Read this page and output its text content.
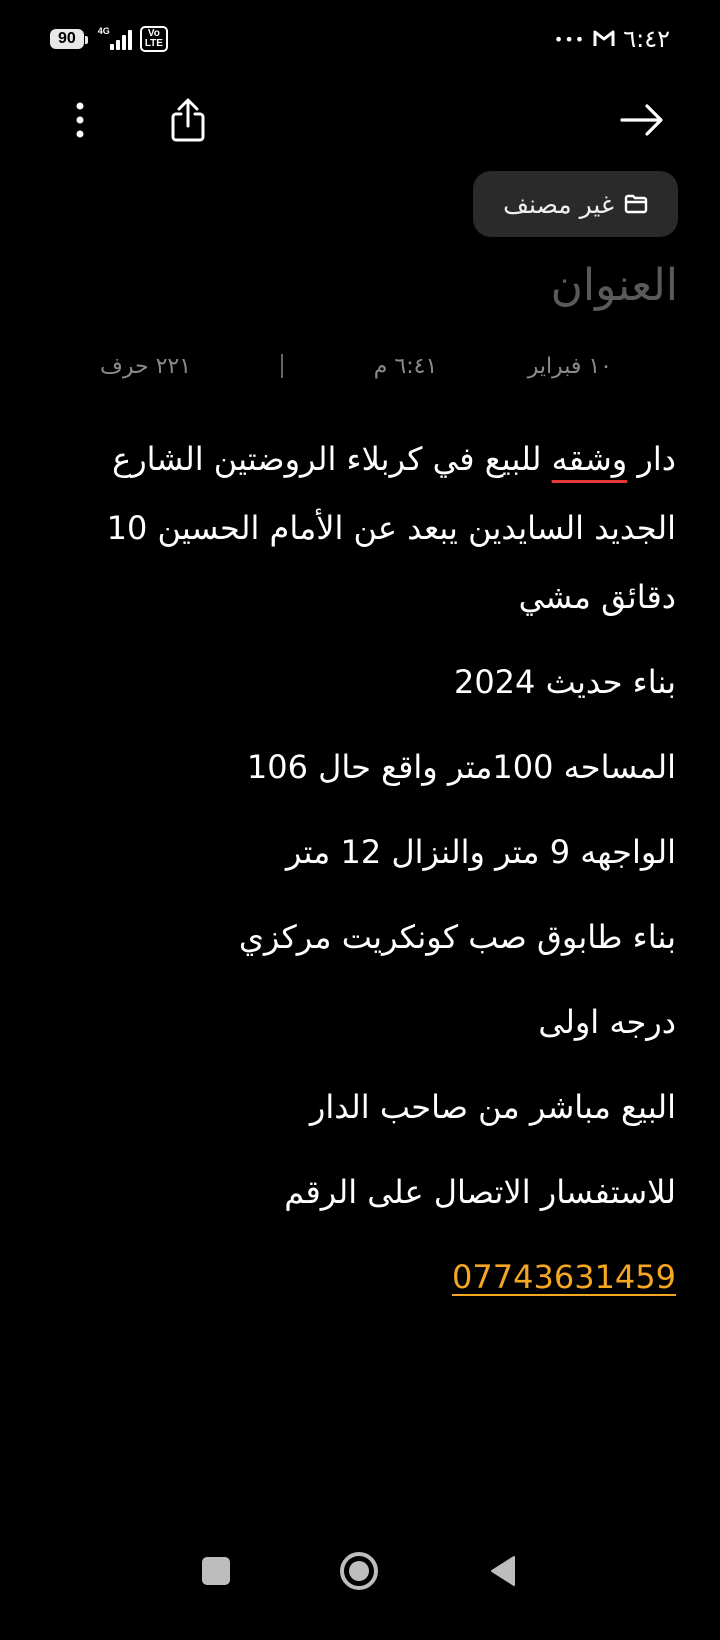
90	4G	Vo
LTE	••• ٦:٤٢
غير مصنف
العنوان
١٠ فبراير
٦:٤١ م
٢٢١ حرف

دار وشقه للبيع في كربلاء الروضتين الشارع الجديد السايدين يبعد عن الأمام الحسين 10 دقائق مشي

بناء حديث 2024

المساحه 100متر واقع حال 106

الواجهه 9 متر والنزال 12 متر

بناء طابوق صب كونكريت مركزي

درجه اولى

البيع مباشر من صاحب الدار

للاستفسار الاتصال على الرقم

07743631459
